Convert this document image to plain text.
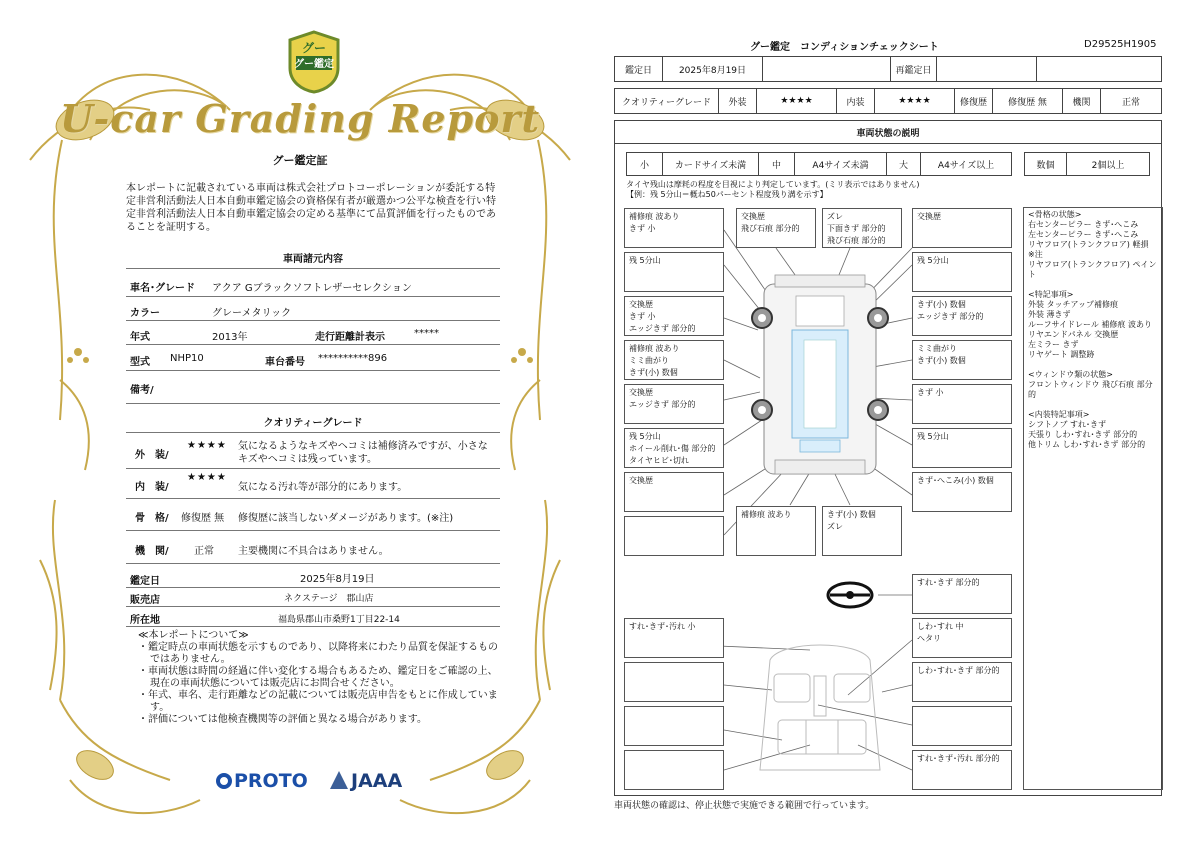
グー
グー鑑定
U-car Grading Report
グー鑑定証
本レポートに記載されている車両は株式会社プロトコーポレーションが委託する特定非営利活動法人日本自動車鑑定協会の資格保有者が厳選かつ公平な検査を行い特定非営利活動法人日本自動車鑑定協会の定める基準にて品質評価を行ったものであることを証明する。
車両諸元内容
車名･グレード アクア Gブラックソフトレザーセレクション
カラー	グレーメタリック
年式	2013年	走行距離計表示	*****
型式 NHP10	車台番号 **********896
備考/
クオリティーグレード
外　装/
★★★★ 気になるようなキズやヘコミは補修済みですが、小さなキズやヘコミは残っています。
内　装/
★★★★
気になる汚れ等が部分的にあります。
骨　格/ 修復歴 無 修復歴に該当しないダメージがあります。(※注)
機　関/	正常 主要機関に不具合はありません。
鑑定日	2025年8月19日
販売店	ネクステージ　郡山店
所在地	福島県郡山市桑野1丁目22-14
≪本レポートについて≫
・鑑定時点の車両状態を示すものであり、以降将来にわたり品質を保証するものではありません。
・車両状態は時間の経過に伴い変化する場合もあるため、鑑定日をご確認の上、現在の車両状態については販売店にお問合せください。
・年式、車名、走行距離などの記載については販売店申告をもとに作成しています。
・評価については他検査機関等の評価と異なる場合があります。
PROTO	JAAA
グー鑑定　コンディションチェックシート	D29525H1905
鑑定日	2025年8月19日	再鑑定日
クオリティーグレード	外装	★★★★	内装	★★★★	修復歴	修復歴 無	機関	正常
車両状態の説明
小	カードサイズ未満	中	A4サイズ未満	大	A4サイズ以上	数個	2個以上
タイヤ残山は摩耗の程度を目視により判定しています。(ミリ表示ではありません)
【例：残 5分山＝概ね50パーセント程度残り溝を示す】
補修痕 波あり
きず 小
残 5分山
交換歴
きず 小
エッジきず 部分的
補修痕 波あり
ミミ曲がり
きず(小) 数個
交換歴
エッジきず 部分的
残 5分山
ホイール削れ･傷 部分的
タイヤヒビ･切れ
交換歴
交換歴
飛び石痕 部分的
ズレ
下面きず 部分的
飛び石痕 部分的
交換歴
残 5分山
きず(小) 数個
エッジきず 部分的
ミミ曲がり
きず(小) 数個
きず 小
残 5分山
きず･へこみ(小) 数個
補修痕 波あり	きず(小) 数個
ズレ
すれ･きず 部分的
すれ･きず･汚れ 小	しわ･すれ 中
ヘタリ
しわ･すれ･きず 部分的
すれ･きず･汚れ 部分的
<骨格の状態>
右センターピラー きず･へこみ
左センターピラー きず･へこみ
リヤフロア(トランクフロア) 軽損
※注
リヤフロア(トランクフロア) ペイント

<特記事項>
外装 タッチアップ補修痕
外装 薄きず
ルーフサイドレール 補修痕 波あり
リヤエンドパネル 交換歴
左ミラー きず
リヤゲート 調整跡

<ウィンドウ類の状態>
フロントウィンドウ 飛び石痕 部分的

<内装特記事項>
シフトノブ すれ･きず
天張り しわ･すれ･きず 部分的
他トリム しわ･すれ･きず 部分的
車両状態の確認は、停止状態で実施できる範囲で行っています。
